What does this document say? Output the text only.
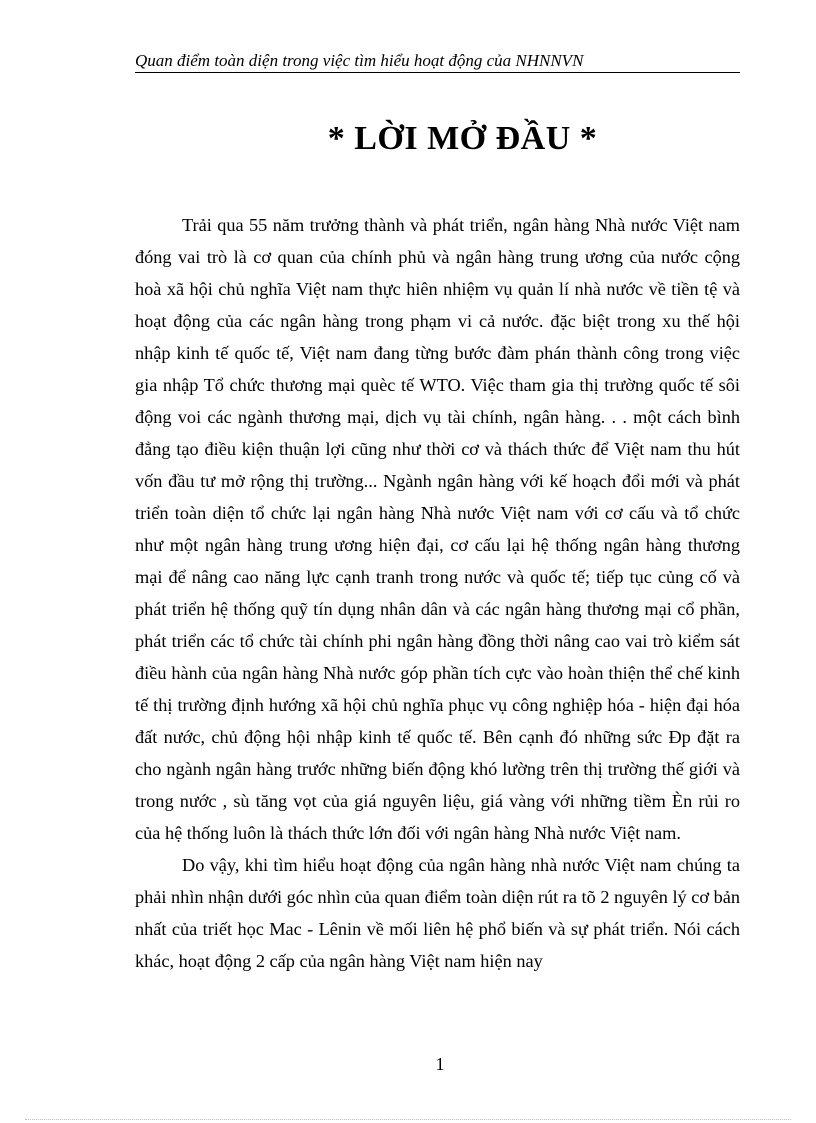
Quan điểm toàn diện trong việc tìm hiểu hoạt động của NHNNVN
* LỜI MỞ ĐẦU *

Trải qua 55 năm trưởng thành và phát triển, ngân hàng Nhà nước Việt nam đóng vai trò là cơ quan của chính phủ và ngân hàng trung ương của nước cộng hoà xã hội chủ nghĩa Việt nam thực hiên nhiệm vụ quản lí nhà nước về tiền tệ và hoạt động của các ngân hàng trong phạm vi cả nước. đặc biệt trong xu thế hội nhập kinh tế quốc tế, Việt nam đang từng bước đàm phán thành công trong việc gia nhập Tổ chức thương mại quèc tế WTO. Việc tham gia thị trường quốc tế sôi động voi các ngành thương mại, dịch vụ tài chính, ngân hàng. . . một cách bình đẳng tạo điều kiện thuận lợi cũng như thời cơ và thách thức để Việt nam thu hút vốn đầu tư mở rộng thị trường... Ngành ngân hàng với kế hoạch đổi mới và phát triển toàn diện tổ chức lại ngân hàng Nhà nước Việt nam với cơ cấu và tổ chức như một ngân hàng trung ương hiện đại, cơ cấu lại hệ thống ngân hàng thương mại để nâng cao năng lực cạnh tranh trong nước và quốc tế; tiếp tục củng cố và phát triển hệ thống quỹ tín dụng nhân dân và các ngân hàng thương mại cổ phần, phát triển các tổ chức tài chính phi ngân hàng đồng thời nâng cao vai trò kiểm sát điều hành của ngân hàng Nhà nước góp phần tích cực vào hoàn thiện thể chế kinh tế thị trường định hướng xã hội chủ nghĩa phục vụ công nghiệp hóa - hiện đại hóa đất nước, chủ động hội nhập kinh tế quốc tế. Bên cạnh đó những sức Ðp đặt ra cho ngành ngân hàng trước những biến động khó lường trên thị trường thế giới và trong nước , sù tăng vọt của giá nguyên liệu, giá vàng với những tiềm Èn rủi ro của hệ thống luôn là thách thức lớn đối với ngân hàng Nhà nước Việt nam.

Do vậy, khi tìm hiểu hoạt động của ngân hàng nhà nước Việt nam chúng ta phải nhìn nhận dưới góc nhìn của quan điểm toàn diện rút ra tõ 2 nguyên lý cơ bản nhất của triết học Mac - Lênin về mối liên hệ phổ biến và sự phát triển. Nói cách khác, hoạt động 2 cấp của ngân hàng Việt nam hiện nay

1
